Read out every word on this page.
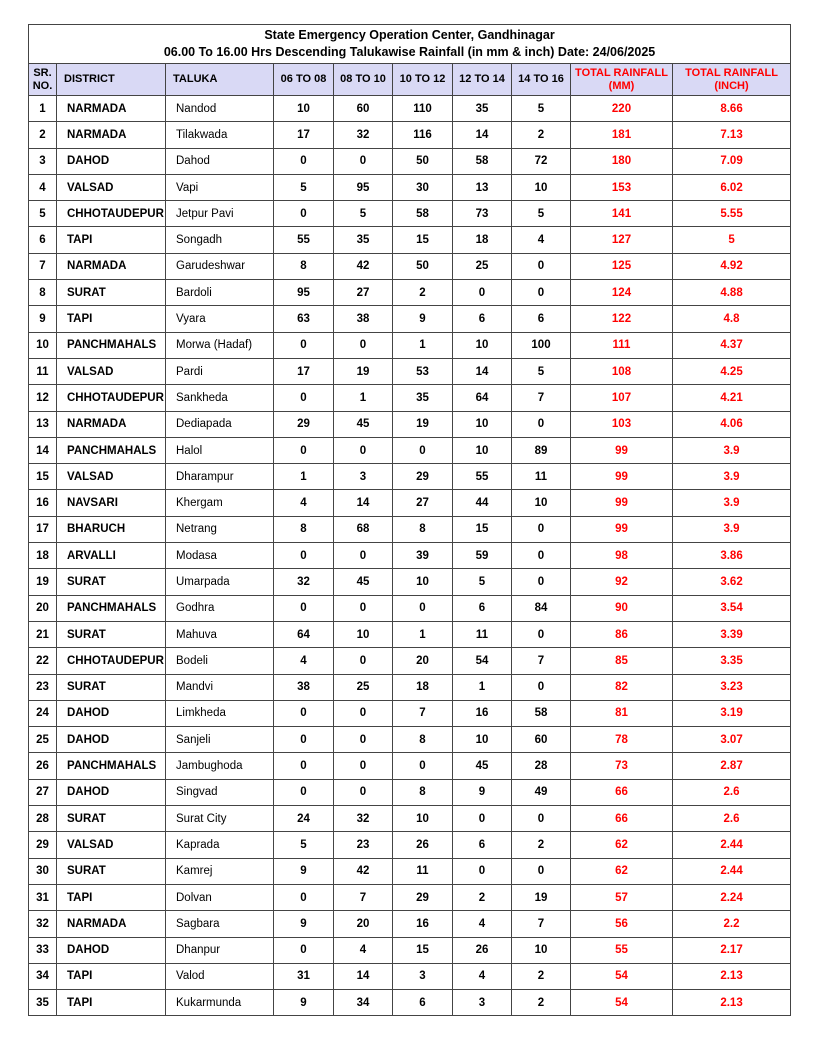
State Emergency Operation Center, Gandhinagar
06.00 To 16.00 Hrs Descending Talukawise Rainfall (in mm & inch) Date: 24/06/2025									

SR. NO.	DISTRICT	TALUKA	06 TO 08	08 TO 10	10 TO 12	12 TO 14	14 TO 16	TOTAL RAINFALL (MM)	TOTAL RAINFALL (INCH)
1	NARMADA	Nandod	10	60	110	35	5	220	8.66
2	NARMADA	Tilakwada	17	32	116	14	2	181	7.13
3	DAHOD	Dahod	0	0	50	58	72	180	7.09
4	VALSAD	Vapi	5	95	30	13	10	153	6.02
5	CHHOTAUDEPUR	Jetpur Pavi	0	5	58	73	5	141	5.55
6	TAPI	Songadh	55	35	15	18	4	127	5
7	NARMADA	Garudeshwar	8	42	50	25	0	125	4.92
8	SURAT	Bardoli	95	27	2	0	0	124	4.88
9	TAPI	Vyara	63	38	9	6	6	122	4.8
10	PANCHMAHALS	Morwa (Hadaf)	0	0	1	10	100	111	4.37
11	VALSAD	Pardi	17	19	53	14	5	108	4.25
12	CHHOTAUDEPUR	Sankheda	0	1	35	64	7	107	4.21
13	NARMADA	Dediapada	29	45	19	10	0	103	4.06
14	PANCHMAHALS	Halol	0	0	0	10	89	99	3.9
15	VALSAD	Dharampur	1	3	29	55	11	99	3.9
16	NAVSARI	Khergam	4	14	27	44	10	99	3.9
17	BHARUCH	Netrang	8	68	8	15	0	99	3.9
18	ARVALLI	Modasa	0	0	39	59	0	98	3.86
19	SURAT	Umarpada	32	45	10	5	0	92	3.62
20	PANCHMAHALS	Godhra	0	0	0	6	84	90	3.54
21	SURAT	Mahuva	64	10	1	11	0	86	3.39
22	CHHOTAUDEPUR	Bodeli	4	0	20	54	7	85	3.35
23	SURAT	Mandvi	38	25	18	1	0	82	3.23
24	DAHOD	Limkheda	0	0	7	16	58	81	3.19
25	DAHOD	Sanjeli	0	0	8	10	60	78	3.07
26	PANCHMAHALS	Jambughoda	0	0	0	45	28	73	2.87
27	DAHOD	Singvad	0	0	8	9	49	66	2.6
28	SURAT	Surat City	24	32	10	0	0	66	2.6
29	VALSAD	Kaprada	5	23	26	6	2	62	2.44
30	SURAT	Kamrej	9	42	11	0	0	62	2.44
31	TAPI	Dolvan	0	7	29	2	19	57	2.24
32	NARMADA	Sagbara	9	20	16	4	7	56	2.2
33	DAHOD	Dhanpur	0	4	15	26	10	55	2.17
34	TAPI	Valod	31	14	3	4	2	54	2.13
35	TAPI	Kukarmunda	9	34	6	3	2	54	2.13
